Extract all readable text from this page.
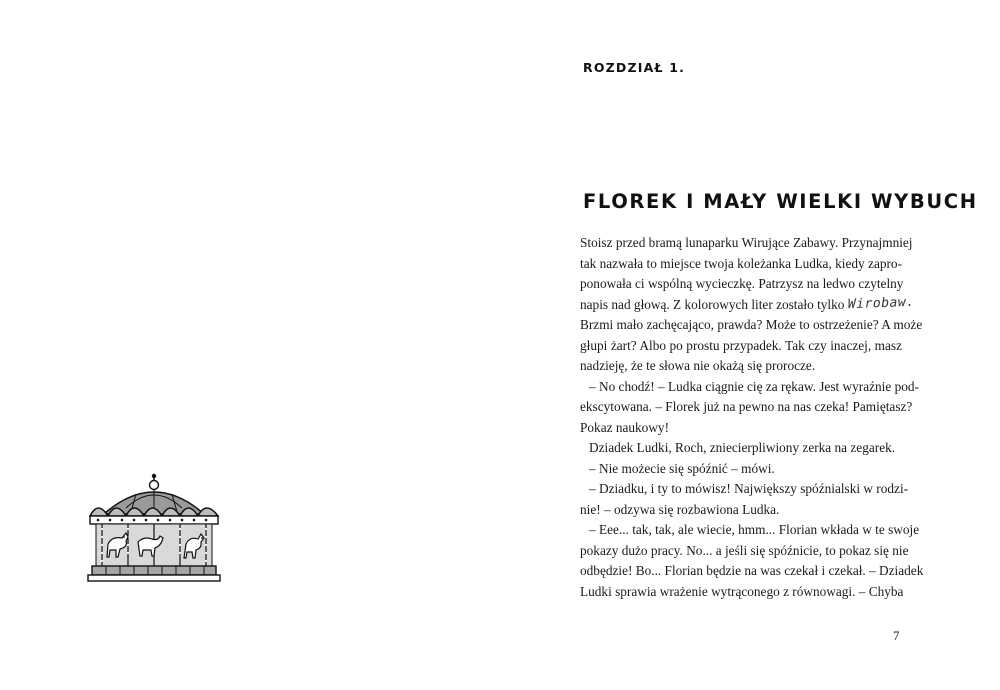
ROZDZIAŁ 1.
FLOREK I MAŁY WIELKI WYBUCH
Stoisz przed bramą lunaparku Wirujące Zabawy. Przynajmniej
tak nazwała to miejsce twoja koleżanka Ludka, kiedy zapro-
ponowała ci wspólną wycieczkę. Patrzysz na ledwo czytelny
napis nad głową. Z kolorowych liter zostało tylko Wirobaw.
Brzmi mało zachęcająco, prawda? Może to ostrzeżenie? A może
głupi żart? Albo po prostu przypadek. Tak czy inaczej, masz
nadzieję, że te słowa nie okażą się prorocze.
– No chodź! – Ludka ciągnie cię za rękaw. Jest wyraźnie pod-
ekscytowana. – Florek już na pewno na nas czeka! Pamiętasz?
Pokaz naukowy!
Dziadek Ludki, Roch, zniecierpliwiony zerka na zegarek.
– Nie możecie się spóźnić – mówi.
– Dziadku, i ty to mówisz! Największy spóźnialski w rodzi-
nie! – odzywa się rozbawiona Ludka.
– Eee... tak, tak, ale wiecie, hmm... Florian wkłada w te swoje
pokazy dużo pracy. No... a jeśli się spóźnicie, to pokaz się nie
odbędzie! Bo... Florian będzie na was czekał i czekał. – Dziadek
Ludki sprawia wrażenie wytrąconego z równowagi. – Chyba
7
